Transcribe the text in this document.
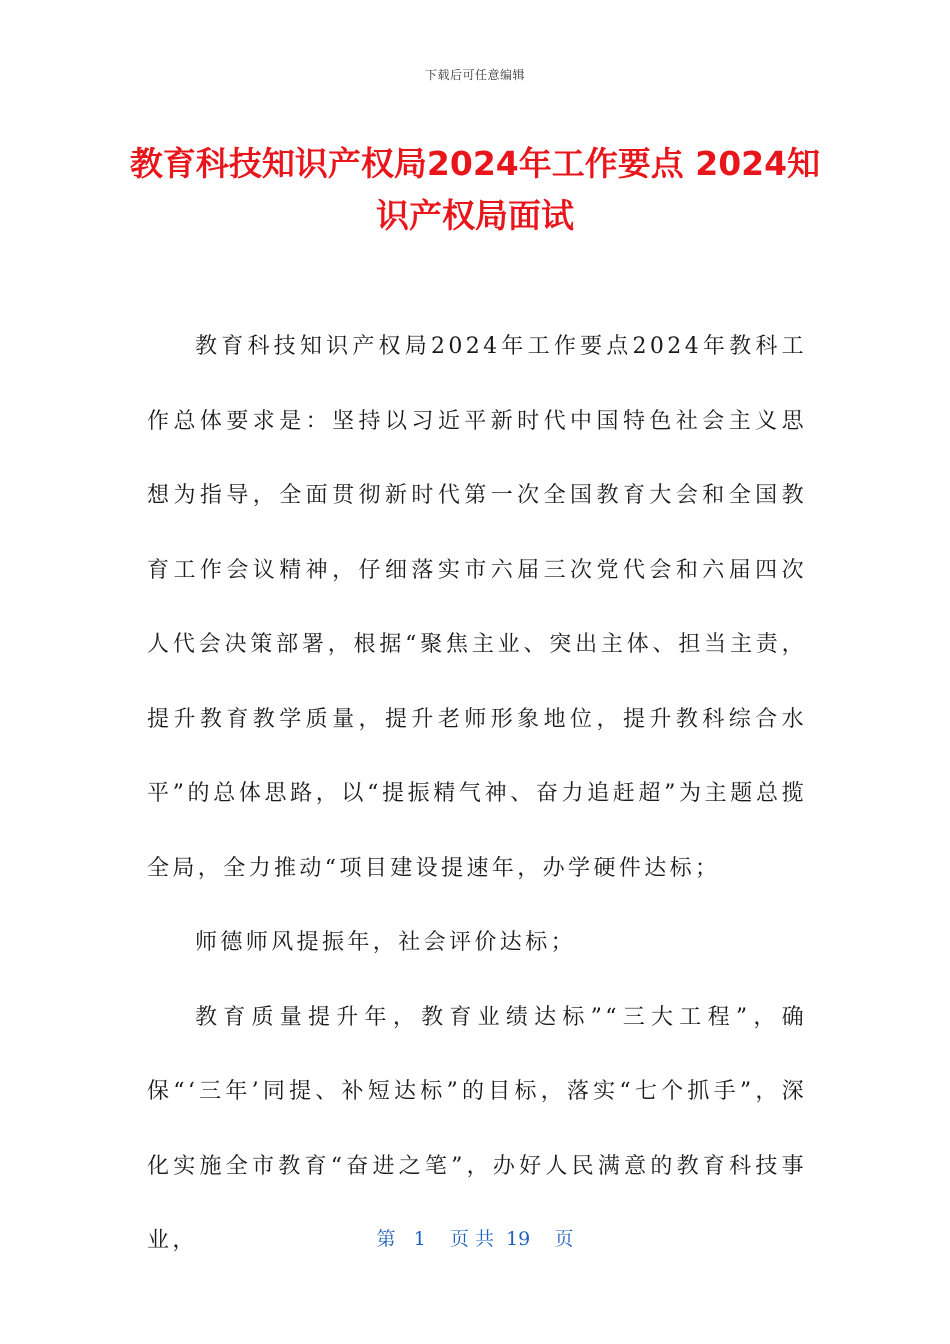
下载后可任意编辑
教育科技知识产权局2024年工作要点 2024知识产权局面试

教育科技知识产权局2024年工作要点2024年教科工作总体要求是：坚持以习近平新时代中国特色社会主义思想为指导，全面贯彻新时代第一次全国教育大会和全国教育工作会议精神，仔细落实市六届三次党代会和六届四次人代会决策部署，根据“聚焦主业、突出主体、担当主责，提升教育教学质量，提升老师形象地位，提升教科综合水平”的总体思路，以“提振精气神、奋力追赶超”为主题总揽全局，全力推动“项目建设提速年，办学硬件达标；

师德师风提振年，社会评价达标；

教育质量提升年，教育业绩达标”“三大工程”，确保“‘三年’同提、补短达标”的目标，落实“七个抓手”，深化实施全市教育“奋进之笔”，办好人民满意的教育科技事业，	第 1 页 共 19 页
